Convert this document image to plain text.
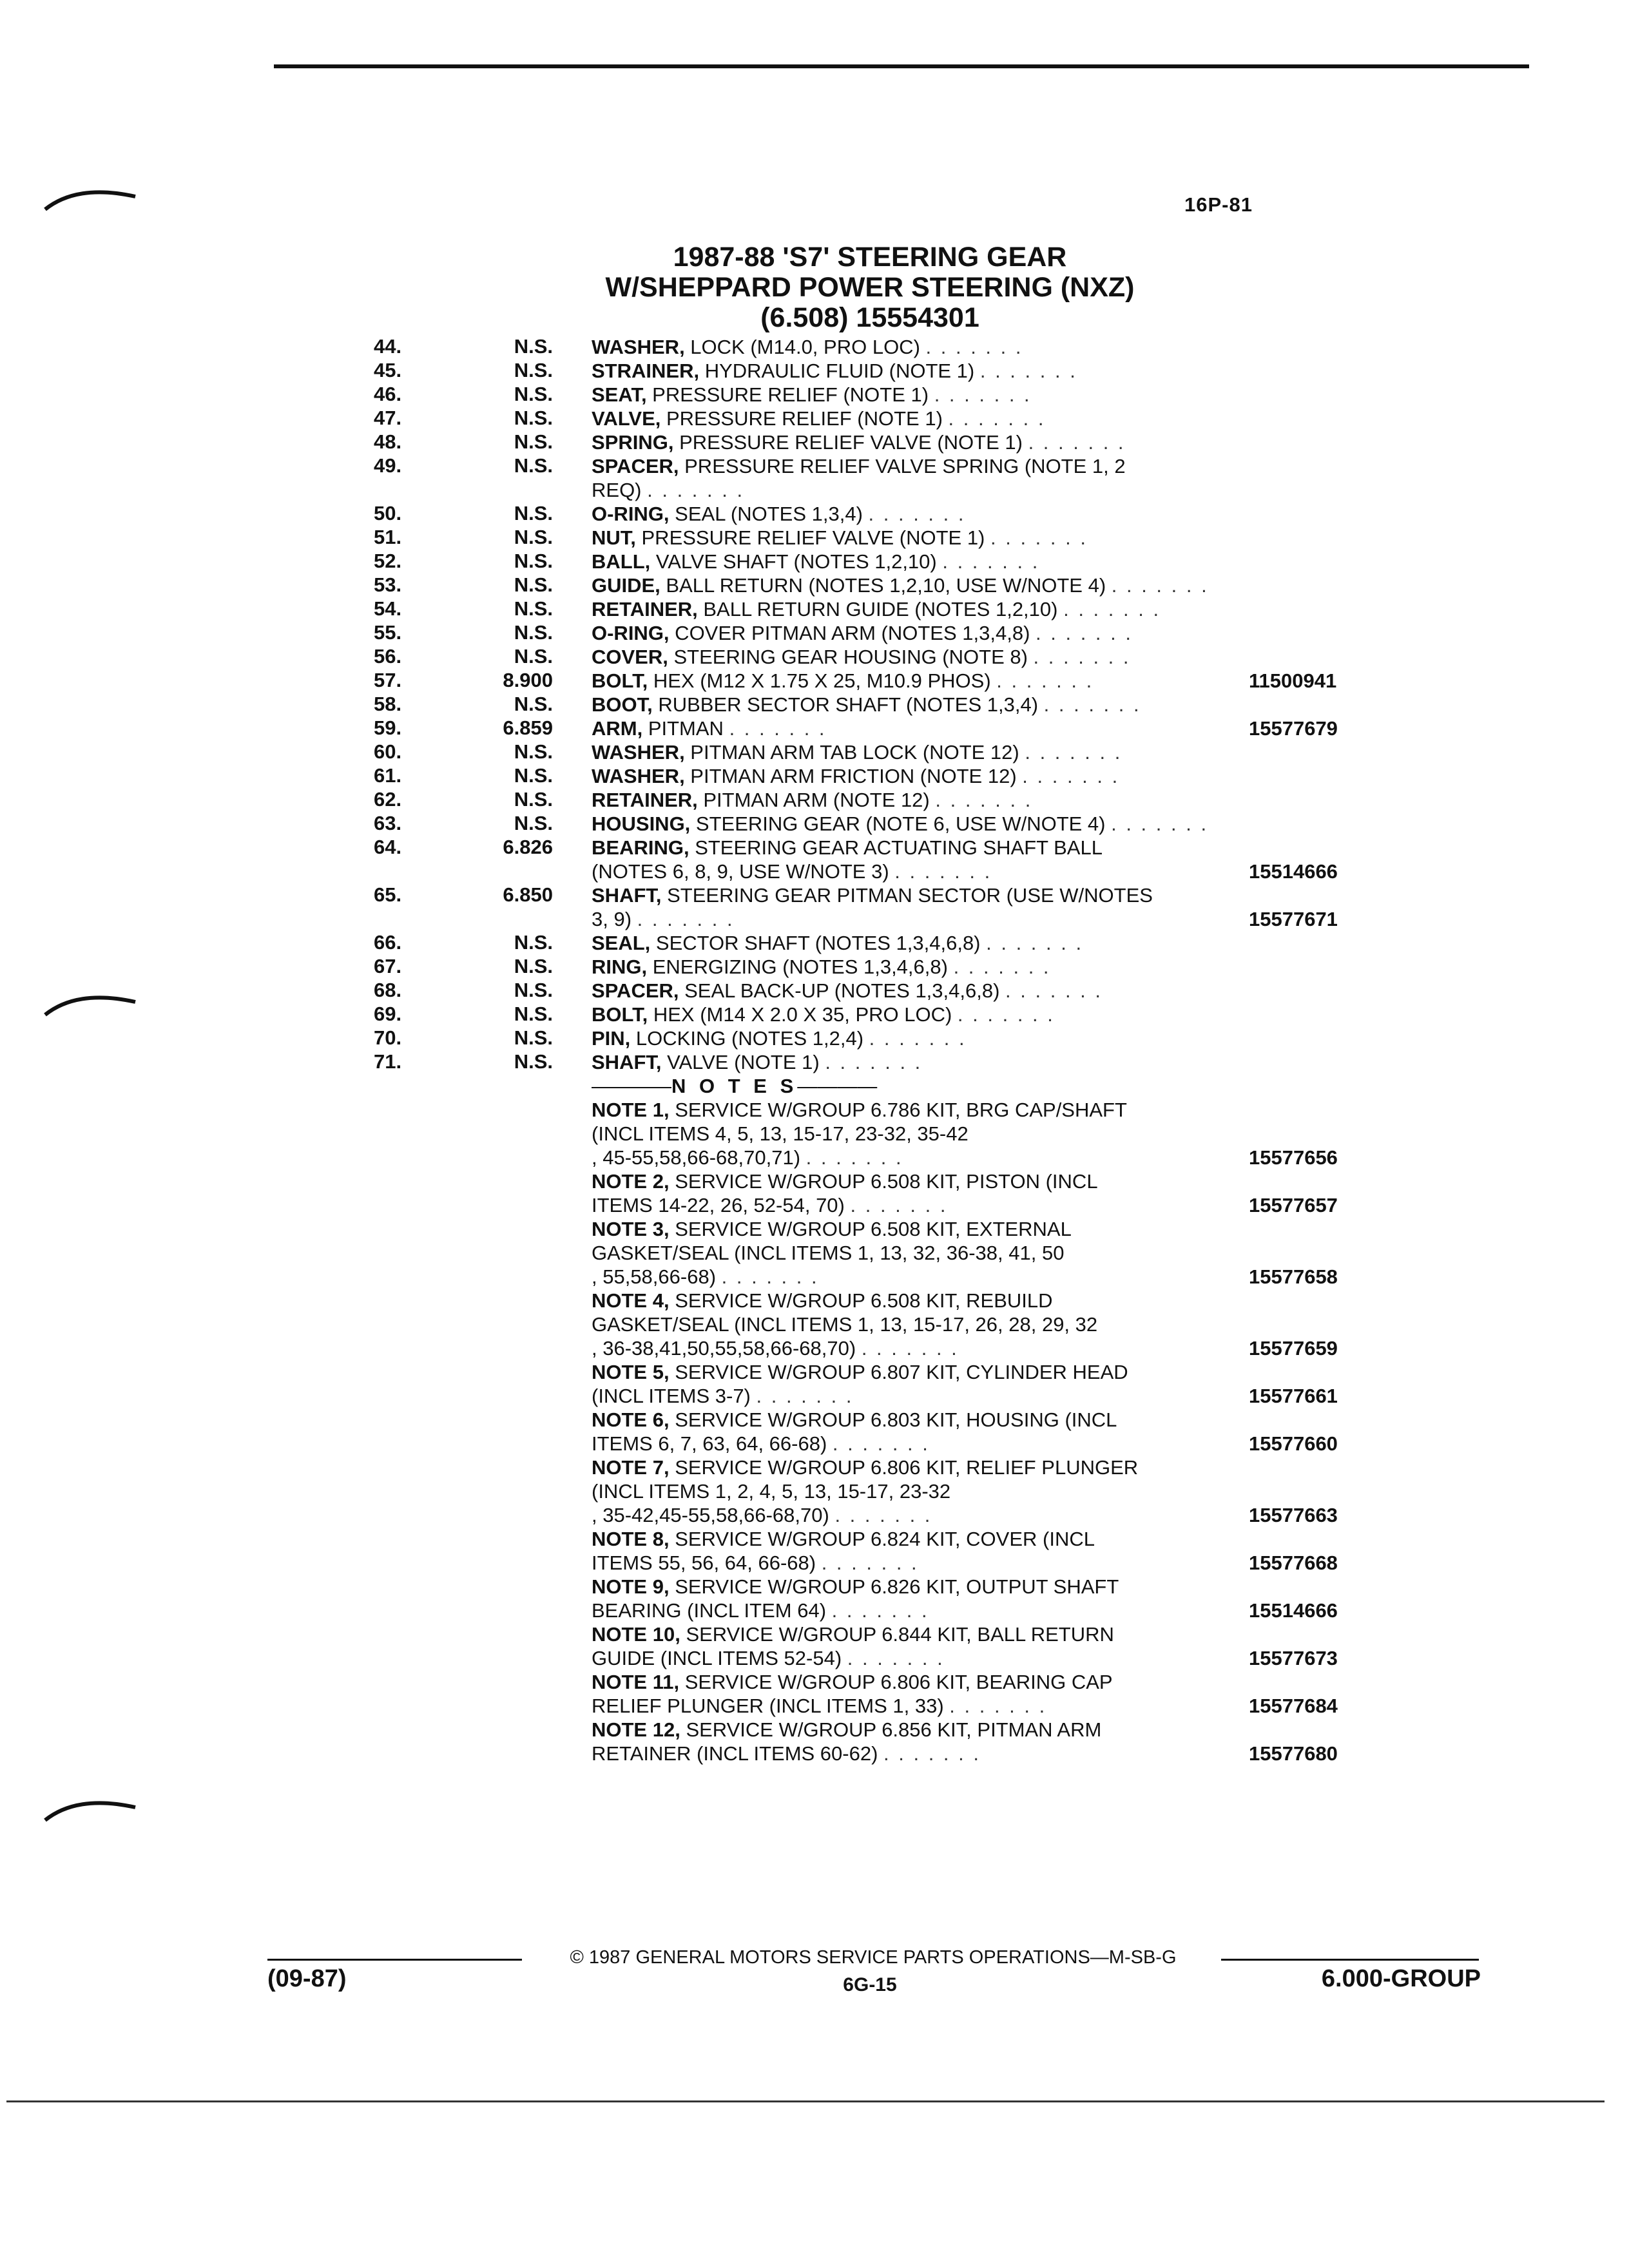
16P-81
1987-88 'S7' STEERING GEAR
W/SHEPPARD POWER STEERING (NXZ)
(6.508) 15554301
44.	N.S. WASHER, LOCK (M14.0, PRO LOC) . . . . . . .
45.	N.S. STRAINER, HYDRAULIC FLUID (NOTE 1) . . . . . . .
46.	N.S. SEAT, PRESSURE RELIEF (NOTE 1) . . . . . . .
47.	N.S. VALVE, PRESSURE RELIEF (NOTE 1) . . . . . . .
48.	N.S. SPRING, PRESSURE RELIEF VALVE (NOTE 1) . . . . . . .
49.	N.S. SPACER, PRESSURE RELIEF VALVE SPRING (NOTE 1, 2
REQ) . . . . . . .
50.	N.S. O-RING, SEAL (NOTES 1,3,4) . . . . . . .
51.	N.S. NUT, PRESSURE RELIEF VALVE (NOTE 1) . . . . . . .
52.	N.S. BALL, VALVE SHAFT (NOTES 1,2,10) . . . . . . .
53.	N.S. GUIDE, BALL RETURN (NOTES 1,2,10, USE W/NOTE 4) . . . . . . .
54.	N.S. RETAINER, BALL RETURN GUIDE (NOTES 1,2,10) . . . . . . .
55.	N.S. O-RING, COVER PITMAN ARM (NOTES 1,3,4,8) . . . . . . .
56.	N.S. COVER, STEERING GEAR HOUSING (NOTE 8) . . . . . . .
57.	8.900 BOLT, HEX (M12 X 1.75 X 25, M10.9 PHOS) . . . . . . .	11500941
58.	N.S. BOOT, RUBBER SECTOR SHAFT (NOTES 1,3,4) . . . . . . .
59.	6.859 ARM, PITMAN . . . . . . .	15577679
60.	N.S. WASHER, PITMAN ARM TAB LOCK (NOTE 12) . . . . . . .
61.	N.S. WASHER, PITMAN ARM FRICTION (NOTE 12) . . . . . . .
62.	N.S. RETAINER, PITMAN ARM (NOTE 12) . . . . . . .
63.	N.S. HOUSING, STEERING GEAR (NOTE 6, USE W/NOTE 4) . . . . . . .
64.	6.826 BEARING, STEERING GEAR ACTUATING SHAFT BALL
(NOTES 6, 8, 9, USE W/NOTE 3) . . . . . . .	15514666
65.	6.850 SHAFT, STEERING GEAR PITMAN SECTOR (USE W/NOTES
3, 9) . . . . . . .	15577671
66.	N.S. SEAL, SECTOR SHAFT (NOTES 1,3,4,6,8) . . . . . . .
67.	N.S. RING, ENERGIZING (NOTES 1,3,4,6,8) . . . . . . .
68.	N.S. SPACER, SEAL BACK-UP (NOTES 1,3,4,6,8) . . . . . . .
69.	N.S. BOLT, HEX (M14 X 2.0 X 35, PRO LOC) . . . . . . .
70.	N.S. PIN, LOCKING (NOTES 1,2,4) . . . . . . .
71.	N.S. SHAFT, VALVE (NOTE 1) . . . . . . .
————N O T E S————
NOTE 1, SERVICE W/GROUP 6.786 KIT, BRG CAP/SHAFT
(INCL ITEMS 4, 5, 13, 15-17, 23-32, 35-42
, 45-55,58,66-68,70,71) . . . . . . .	15577656
NOTE 2, SERVICE W/GROUP 6.508 KIT, PISTON (INCL
ITEMS 14-22, 26, 52-54, 70) . . . . . . .	15577657
NOTE 3, SERVICE W/GROUP 6.508 KIT, EXTERNAL
GASKET/SEAL (INCL ITEMS 1, 13, 32, 36-38, 41, 50
, 55,58,66-68) . . . . . . .	15577658
NOTE 4, SERVICE W/GROUP 6.508 KIT, REBUILD
GASKET/SEAL (INCL ITEMS 1, 13, 15-17, 26, 28, 29, 32
, 36-38,41,50,55,58,66-68,70) . . . . . . .	15577659
NOTE 5, SERVICE W/GROUP 6.807 KIT, CYLINDER HEAD
(INCL ITEMS 3-7) . . . . . . .	15577661
NOTE 6, SERVICE W/GROUP 6.803 KIT, HOUSING (INCL
ITEMS 6, 7, 63, 64, 66-68) . . . . . . .	15577660
NOTE 7, SERVICE W/GROUP 6.806 KIT, RELIEF PLUNGER
(INCL ITEMS 1, 2, 4, 5, 13, 15-17, 23-32
, 35-42,45-55,58,66-68,70) . . . . . . .	15577663
NOTE 8, SERVICE W/GROUP 6.824 KIT, COVER (INCL
ITEMS 55, 56, 64, 66-68) . . . . . . .	15577668
NOTE 9, SERVICE W/GROUP 6.826 KIT, OUTPUT SHAFT
BEARING (INCL ITEM 64) . . . . . . .	15514666
NOTE 10, SERVICE W/GROUP 6.844 KIT, BALL RETURN
GUIDE (INCL ITEMS 52-54) . . . . . . .	15577673
NOTE 11, SERVICE W/GROUP 6.806 KIT, BEARING CAP
RELIEF PLUNGER (INCL ITEMS 1, 33) . . . . . . .	15577684
NOTE 12, SERVICE W/GROUP 6.856 KIT, PITMAN ARM
RETAINER (INCL ITEMS 60-62) . . . . . . .	15577680
© 1987 GENERAL MOTORS SERVICE PARTS OPERATIONS—M-SB-G
(09-87)	6G-15	6.000-GROUP
